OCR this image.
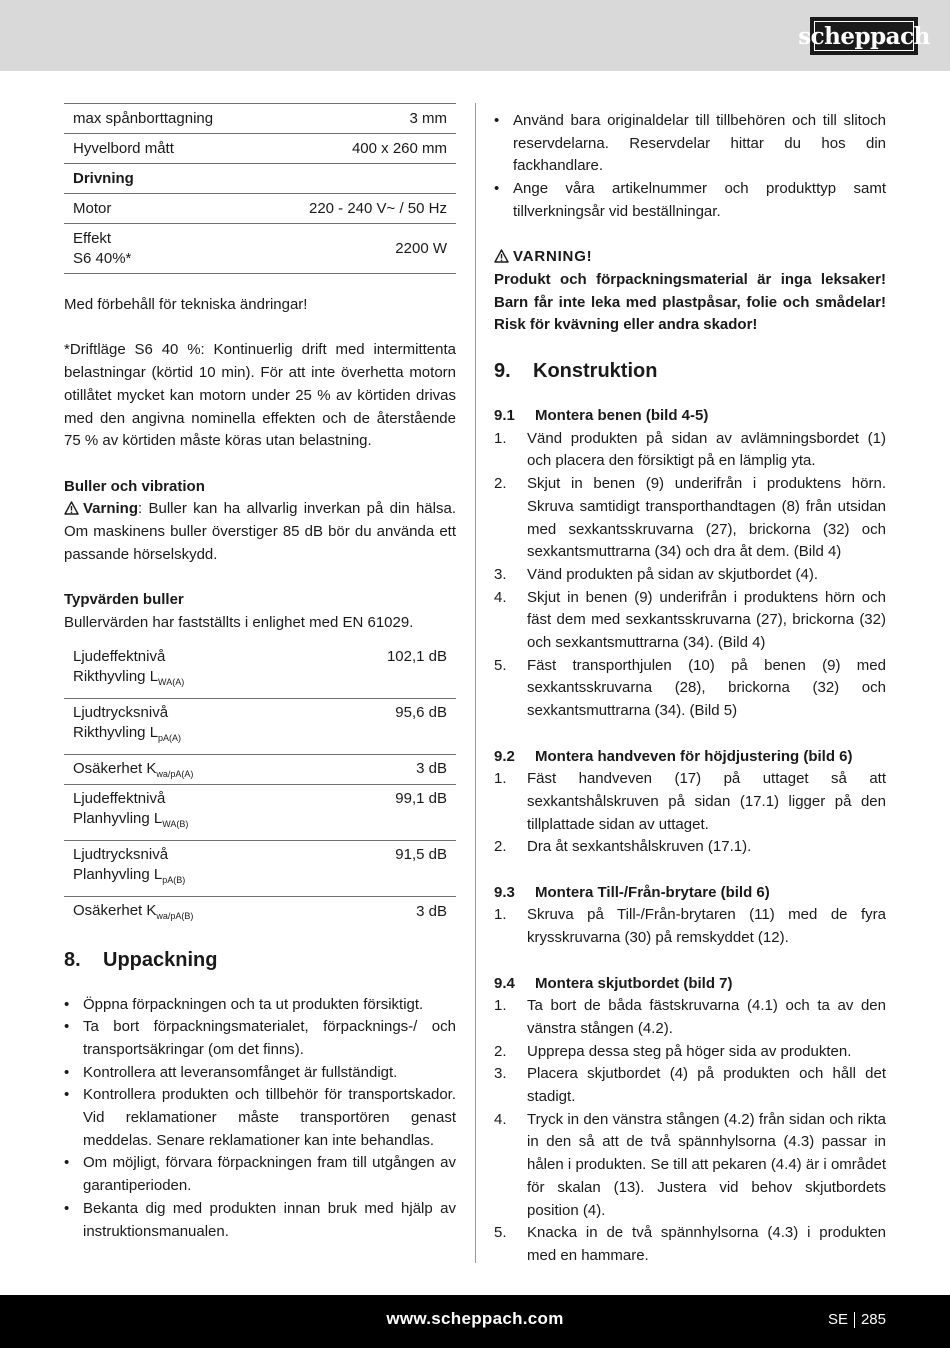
scheppach
max spånborttagning	3 mm
Hyvelbord mått	400 x 260 mm
Drivning	
Motor	220 - 240 V~ / 50 Hz

Effekt
S6 40%*	2200 W

Med förbehåll för tekniska ändringar!

*Driftläge S6 40 %: Kontinuerlig drift med intermittenta belastningar (körtid 10 min). För att inte överhetta motorn otillåtet mycket kan motorn under 25 % av körtiden drivas med den angivna nominella effekten och de återstående 75 % av körtiden måste köras utan belastning.

Buller och vibration

Varning: Buller kan ha allvarlig inverkan på din hälsa. Om maskinens buller överstiger 85 dB bör du använda ett passande hörselskydd.

Typvärden buller

Bullervärden har fastställts i enlighet med EN 61029.

Ljudeffektnivå
Rikthyvling $L_{WA(A)}$	102,1 dB

Ljudtrycksnivå
Rikthyvling $L_{pA(A)}$	95,6 dB

Osäkerhet $K_{wa/pA(A)}$	3 dB

Ljudeffektnivå
Planhyvling $L_{WA(B)}$	99,1 dB

Ljudtrycksnivå
Planhyvling $L_{pA(B)}$	91,5 dB

Osäkerhet $K_{wa/pA(B)}$	3 dB
8.	Uppackning
• Öppna förpackningen och ta ut produkten försiktigt.
• Ta bort förpackningsmaterialet, förpacknings-/ och transportsäkringar (om det finns).
• Kontrollera att leveransomfånget är fullständigt.
• Kontrollera produkten och tillbehör för transportskador. Vid reklamationer måste transportören genast meddelas. Senare reklamationer kan inte behandlas.
• Om möjligt, förvara förpackningen fram till utgången av garantiperioden.
• Bekanta dig med produkten innan bruk med hjälp av instruktionsmanualen.
• Använd bara originaldelar till tillbehören och till slitoch reservdelarna. Reservdelar hittar du hos din fackhandlare.
• Ange våra artikelnummer och produkttyp samt tillverkningsår vid beställningar.

VARNING!

Produkt och förpackningsmaterial är inga leksaker! Barn får inte leka med plastpåsar, folie och smådelar! Risk för kvävning eller andra skador!

9.	Konstruktion
9.1	Montera benen (bild 4-5)
1. Vänd produkten på sidan av avlämningsbordet (1) och placera den försiktigt på en lämplig yta.
2. Skjut in benen (9) underifrån i produktens hörn. Skruva samtidigt transporthandtagen (8) från utsidan med sexkantsskruvarna (27), brickorna (32) och sexkantsmuttrarna (34) och dra åt dem. (Bild 4)
3. Vänd produkten på sidan av skjutbordet (4).
4. Skjut in benen (9) underifrån i produktens hörn och fäst dem med sexkantsskruvarna (27), brickorna (32) och sexkantsmuttrarna (34). (Bild 4)
5. Fäst transporthjulen (10) på benen (9) med sexkantsskruvarna (28), brickorna (32) och sexkantsmuttrarna (34). (Bild 5)
9.2	Montera handveven för höjdjustering (bild 6)
1. Fäst handveven (17) på uttaget så att sexkantshålskruven på sidan (17.1) ligger på den tillplattade sidan av uttaget.
2. Dra åt sexkantshålskruven (17.1).
9.3	Montera Till-/Från-brytare (bild 6)
1. Skruva på Till-/Från-brytaren (11) med de fyra krysskruvarna (30) på remskyddet (12).
9.4	Montera skjutbordet (bild 7)
1. Ta bort de båda fästskruvarna (4.1) och ta av den vänstra stången (4.2).
2. Upprepa dessa steg på höger sida av produkten.
3. Placera skjutbordet (4) på produkten och håll det stadigt.
4. Tryck in den vänstra stången (4.2) från sidan och rikta in den så att de två spännhylsorna (4.3) passar in hålen i produkten. Se till att pekaren (4.4) är i området för skalan (13). Justera vid behov skjutbordets position (4).
5. Knacka in de två spännhylsorna (4.3) i produkten med en hammare.
www.scheppach.com	SE 285
